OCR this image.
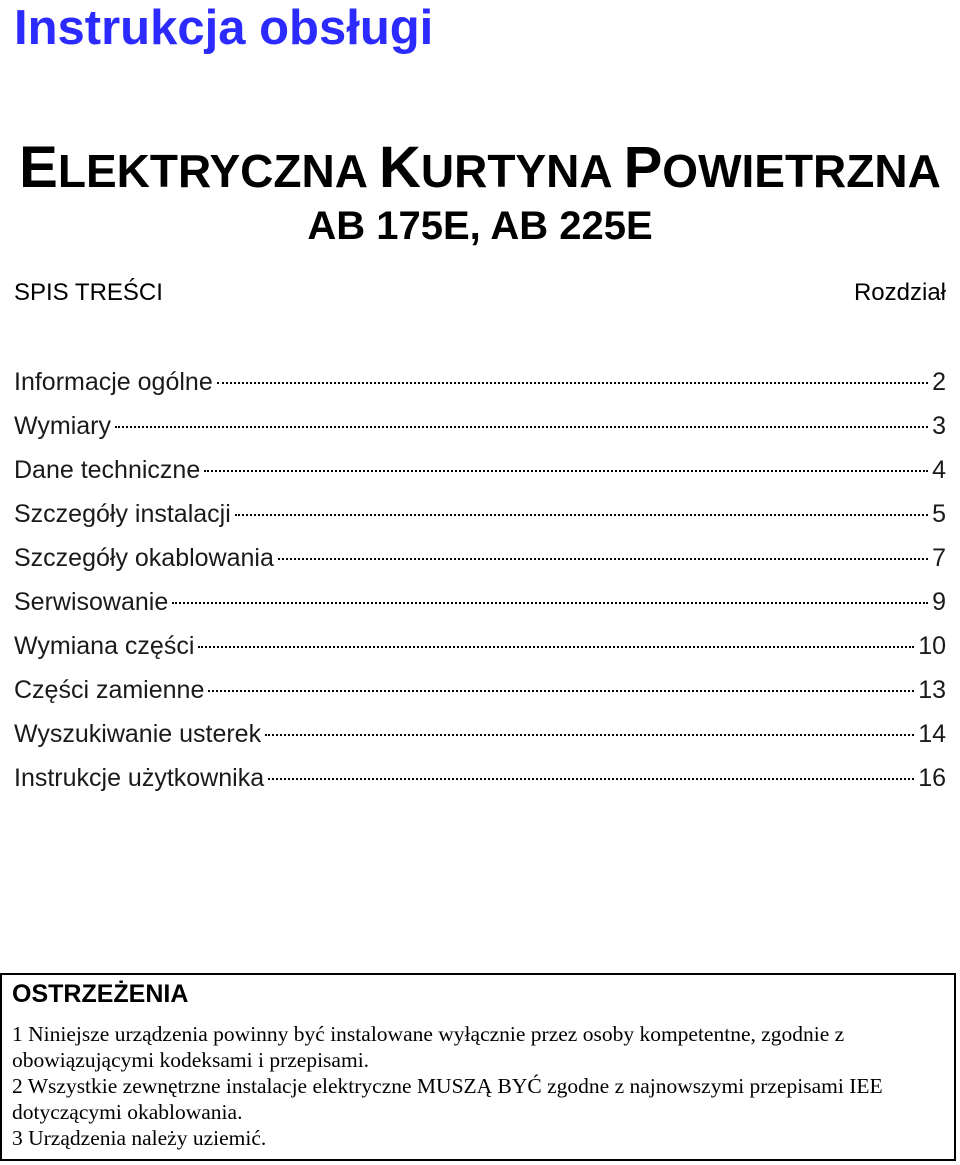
Instrukcja obsługi
ELEKTRYCZNA KURTYNA POWIETRZNA
AB 175E, AB 225E
SPIS TREŚCI	Rozdział
Informacje ogólne	2
Wymiary	3
Dane techniczne	4
Szczegóły instalacji	5
Szczegóły okablowania	7
Serwisowanie	9
Wymiana części	10
Części zamienne	13
Wyszukiwanie usterek	14
Instrukcje użytkownika	16
OSTRZEŻENIA

1 Niniejsze urządzenia powinny być instalowane wyłącznie przez osoby kompetentne, zgodnie z obowiązującymi kodeksami i przepisami.

2 Wszystkie zewnętrzne instalacje elektryczne MUSZĄ BYĆ zgodne z najnowszymi przepisami IEE dotyczącymi okablowania.

3 Urządzenia należy uziemić.
